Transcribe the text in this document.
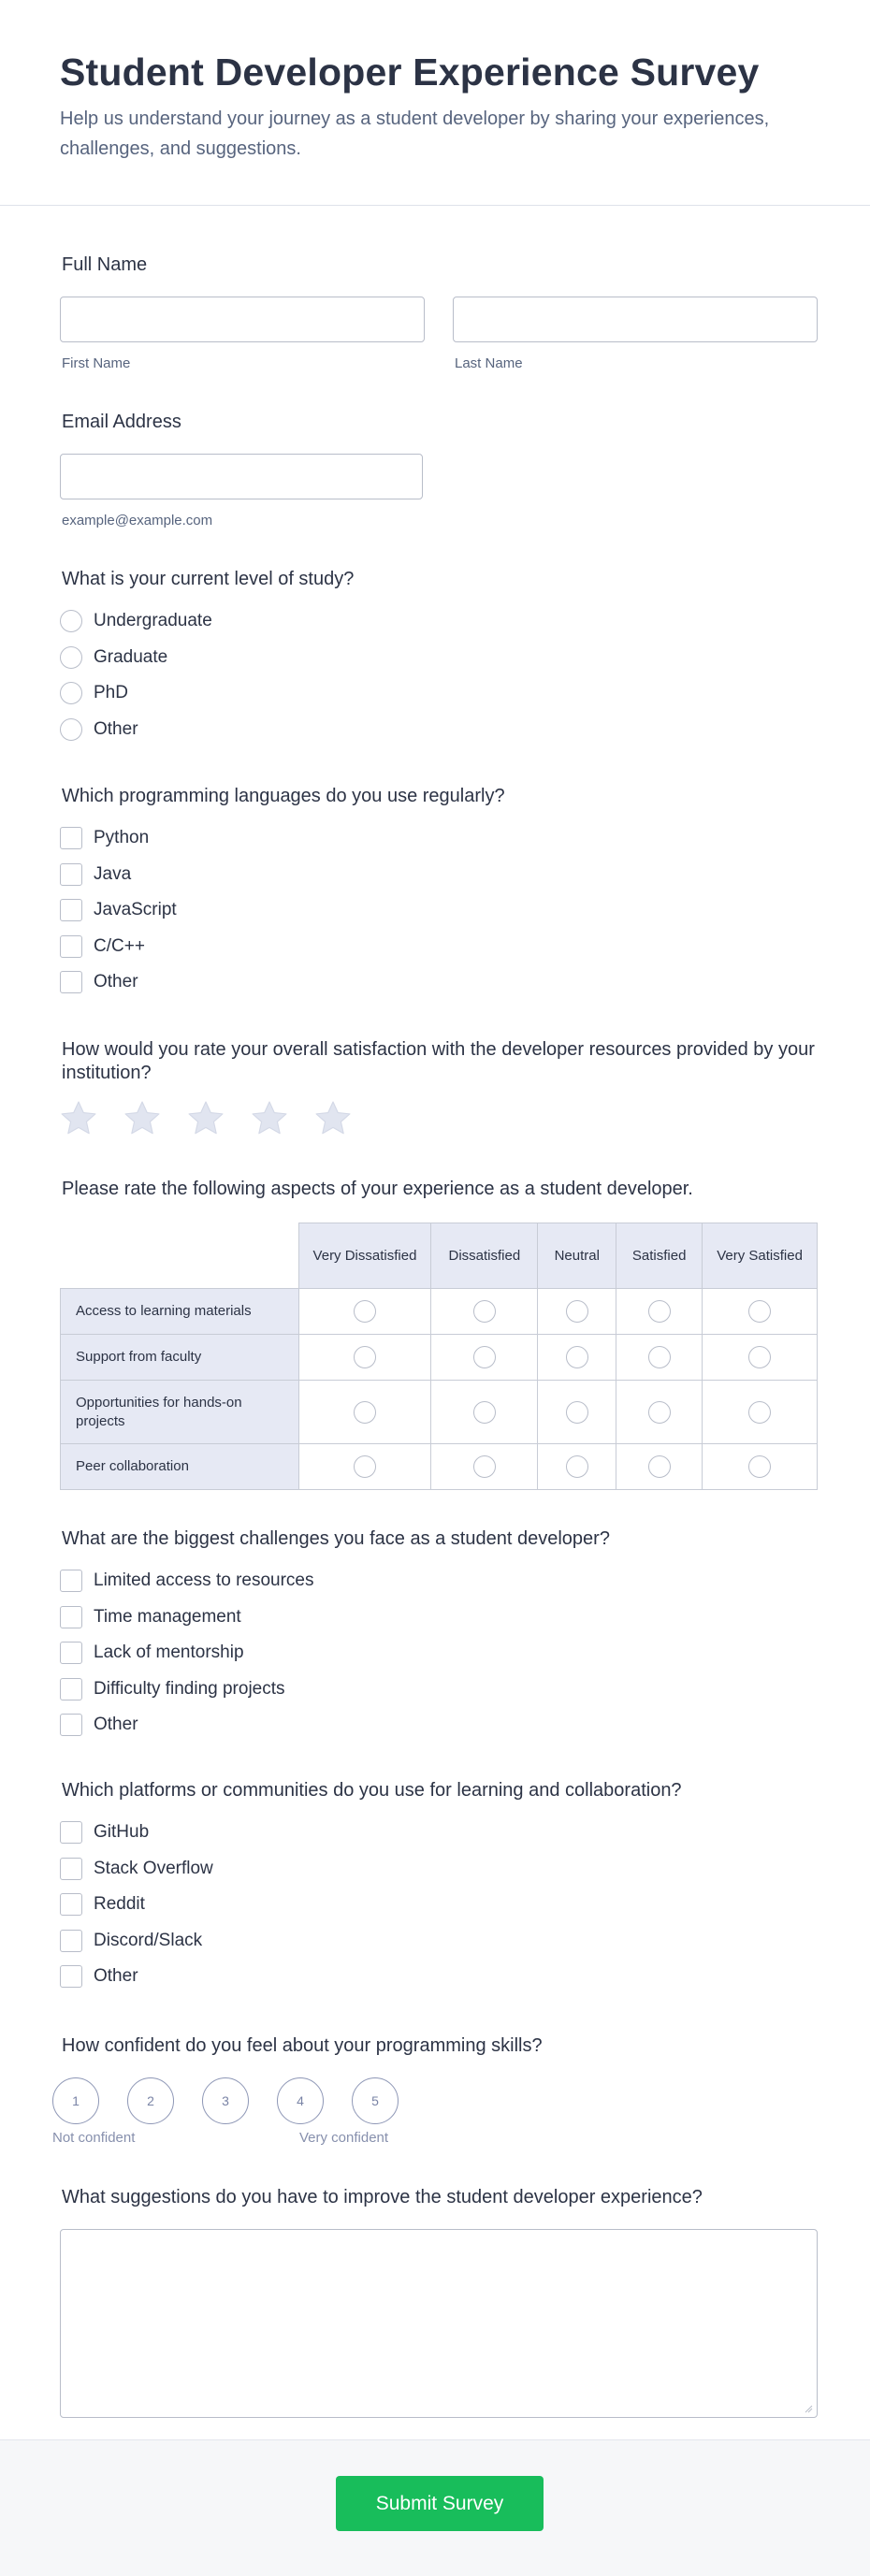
Student Developer Experience Survey

Help us understand your journey as a student developer by sharing your experiences, challenges, and suggestions.

Full Name
First Name	Last Name
Email Address
example@example.com
What is your current level of study?
Undergraduate
Graduate
PhD
Other
Which programming languages do you use regularly?
Python
Java
JavaScript
C/C++
Other
How would you rate your overall satisfaction with the developer resources provided by your institution?
Please rate the following aspects of your experience as a student developer.
	Very Dissatisfied	Dissatisfied	Neutral	Satisfied	Very Satisfied
Access to learning materials					
Support from faculty					
Opportunities for hands-on projects					
Peer collaboration					
What are the biggest challenges you face as a student developer?
Limited access to resources
Time management
Lack of mentorship
Difficulty finding projects
Other
Which platforms or communities do you use for learning and collaboration?
GitHub
Stack Overflow
Reddit
Discord/Slack
Other
How confident do you feel about your programming skills?
1	2	3	4	5
Not confident	Very confident
What suggestions do you have to improve the student developer experience?
Submit Survey
